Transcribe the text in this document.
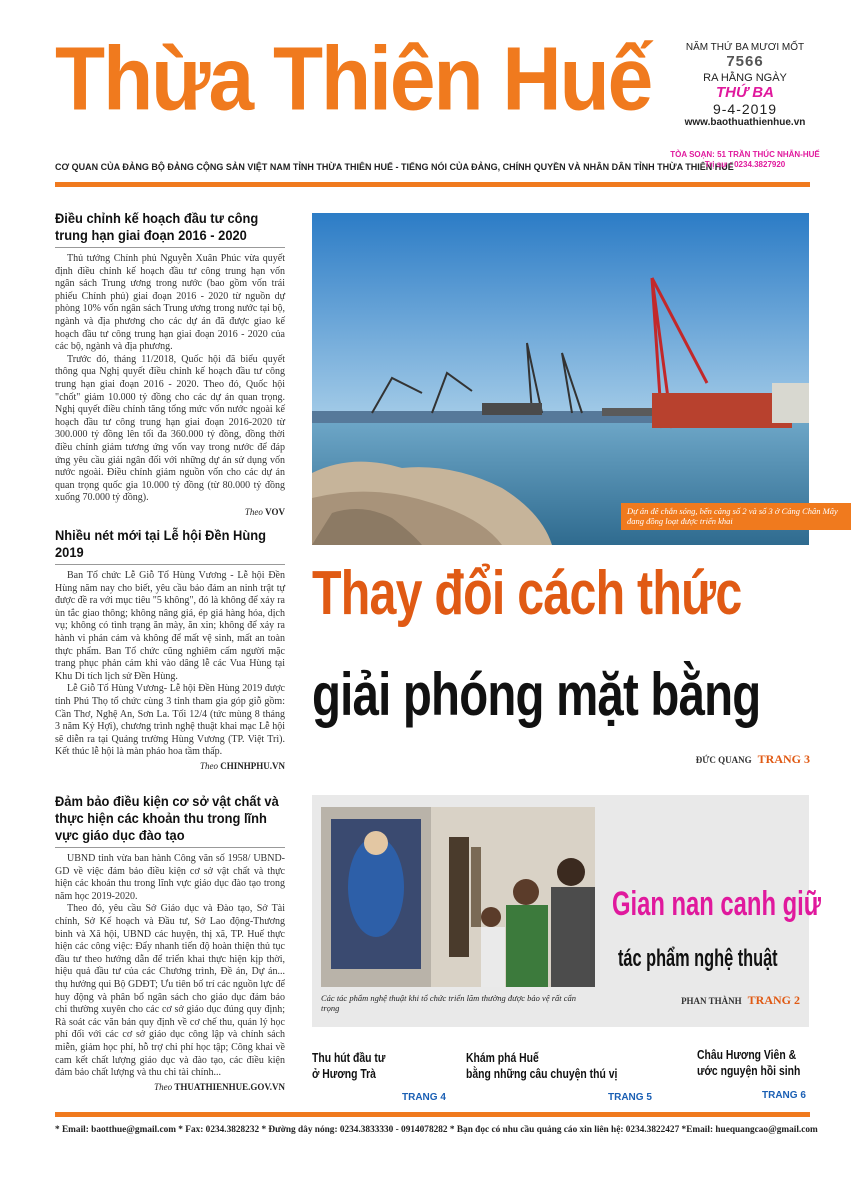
Thừa Thiên Huế
CƠ QUAN CỦA ĐẢNG BỘ ĐẢNG CỘNG SẢN VIỆT NAM TỈNH THỪA THIÊN HUẾ - TIẾNG NÓI CỦA ĐẢNG, CHÍNH QUYỀN VÀ NHÂN DÂN TỈNH THỪA THIÊN HUẾ
NĂM THỨ BA MƯƠI MỐT
7566
RA HẰNG NGÀY
THỨ BA
9-4-2019
www.baothuathienhue.vn
TÒA SOẠN: 51 TRẦN THÚC NHẪN-HUẾ
Trị sự : 0234.3827920
Điều chỉnh kế hoạch đầu tư công trung hạn giai đoạn 2016 - 2020

Thủ tướng Chính phủ Nguyễn Xuân Phúc vừa quyết định điều chỉnh kế hoạch đầu tư công trung hạn vốn ngân sách Trung ương trong nước (bao gồm vốn trái phiếu Chính phủ) giai đoạn 2016 - 2020 từ nguồn dự phòng 10% vốn ngân sách Trung ương trong nước tại bộ, ngành và địa phương cho các dự án đã được giao kế hoạch đầu tư công trung hạn giai đoạn 2016 - 2020 của các bộ, ngành và địa phương.

Trước đó, tháng 11/2018, Quốc hội đã biểu quyết thông qua Nghị quyết điều chỉnh kế hoạch đầu tư công trung hạn giai đoạn 2016 - 2020. Theo đó, Quốc hội "chốt" giảm 10.000 tỷ đồng cho các dự án quan trọng. Nghị quyết điều chỉnh tăng tổng mức vốn nước ngoài kế hoạch đầu tư công trung hạn giai đoạn 2016-2020 từ 300.000 tỷ đồng lên tối đa 360.000 tỷ đồng, đồng thời điều chỉnh giảm tương ứng vốn vay trong nước để đáp ứng yêu cầu giải ngân đối với những dự án sử dụng vốn nước ngoài. Điều chỉnh giảm nguồn vốn cho các dự án quan trọng quốc gia 10.000 tỷ đồng (từ 80.000 tỷ đồng xuống 70.000 tỷ đồng).

Theo VOV
Nhiều nét mới tại Lễ hội Đền Hùng 2019

Ban Tổ chức Lễ Giỗ Tổ Hùng Vương - Lễ hội Đền Hùng năm nay cho biết, yêu cầu bảo đảm an ninh trật tự được đề ra với mục tiêu "5 không", đó là không để xảy ra ùn tắc giao thông; không nâng giá, ép giá hàng hóa, dịch vụ; không có tình trạng ăn mày, ăn xin; không để xảy ra hành vi phản cảm và không để mất vệ sinh, mất an toàn thực phẩm. Ban Tổ chức cũng nghiêm cấm người mặc trang phục phản cảm khi vào dâng lễ các Vua Hùng tại Khu Di tích lịch sử Đền Hùng.

Lễ Giỗ Tổ Hùng Vương- Lễ hội Đền Hùng 2019 được tỉnh Phú Thọ tổ chức cùng 3 tỉnh tham gia góp giỗ gồm: Cần Thơ, Nghệ An, Sơn La. Tối 12/4 (tức mùng 8 tháng 3 năm Kỷ Hợi), chương trình nghệ thuật khai mạc Lễ hội sẽ diễn ra tại Quảng trường Hùng Vương (TP. Việt Trì). Kết thúc lễ hội là màn pháo hoa tầm thấp.

Theo CHINHPHU.VN
Đảm bảo điều kiện cơ sở vật chất và thực hiện các khoản thu trong lĩnh vực giáo dục đào tạo

UBND tỉnh vừa ban hành Công văn số 1958/ UBND-GD về việc đảm bảo điều kiện cơ sở vật chất và thực hiện các khoản thu trong lĩnh vực giáo dục đào tạo trong năm học 2019-2020.

Theo đó, yêu cầu Sở Giáo dục và Đào tạo, Sở Tài chính, Sở Kế hoạch và Đầu tư, Sở Lao động-Thương binh và Xã hội, UBND các huyện, thị xã, TP. Huế thực hiện các công việc: Đẩy nhanh tiến độ hoàn thiện thủ tục đầu tư theo hướng dẫn để triển khai thực hiện kịp thời, hiệu quả đầu tư của các Chương trình, Đề án, Dự án... thụ hưởng qui Bộ GDĐT; Ưu tiên bố trí các nguồn lực để huy động và phân bổ ngân sách cho giáo dục đảm bảo chi thường xuyên cho các cơ sở giáo dục đúng quy định; Rà soát các văn bản quy định về cơ chế thu, quản lý học phí đối với các cơ sở giáo dục công lập và chính sách miễn, giảm học phí, hỗ trợ chi phí học tập; Công khai về cam kết chất lượng giáo dục và đào tạo, các điều kiện đảm bảo chất lượng và thu chi tài chính...

Theo THUATHIENHUE.GOV.VN
Dự án đê chắn sóng, bến cảng số 2 và số 3 ở Cảng Chân Mây đang đồng loạt được triển khai
Thay đổi cách thức
giải phóng mặt bằng
ĐỨC QUANG TRANG 3
Các tác phẩm nghệ thuật khi tổ chức triển lãm thường được bảo vệ rất cẩn trọng
Gian nan canh giữ
tác phẩm nghệ thuật
PHAN THÀNH TRANG 2
Thu hút đầu tư
ở Hương Trà
TRANG 4
Khám phá Huế
bằng những câu chuyện thú vị
TRANG 5
Châu Hương Viên &
ước nguyện hồi sinh
TRANG 6
* Email: baotthue@gmail.com * Fax: 0234.3828232 * Đường dây nóng: 0234.3833330 - 0914078282 * Bạn đọc có nhu cầu quảng cáo xin liên hệ: 0234.3822427 *Email: huequangcao@gmail.com
